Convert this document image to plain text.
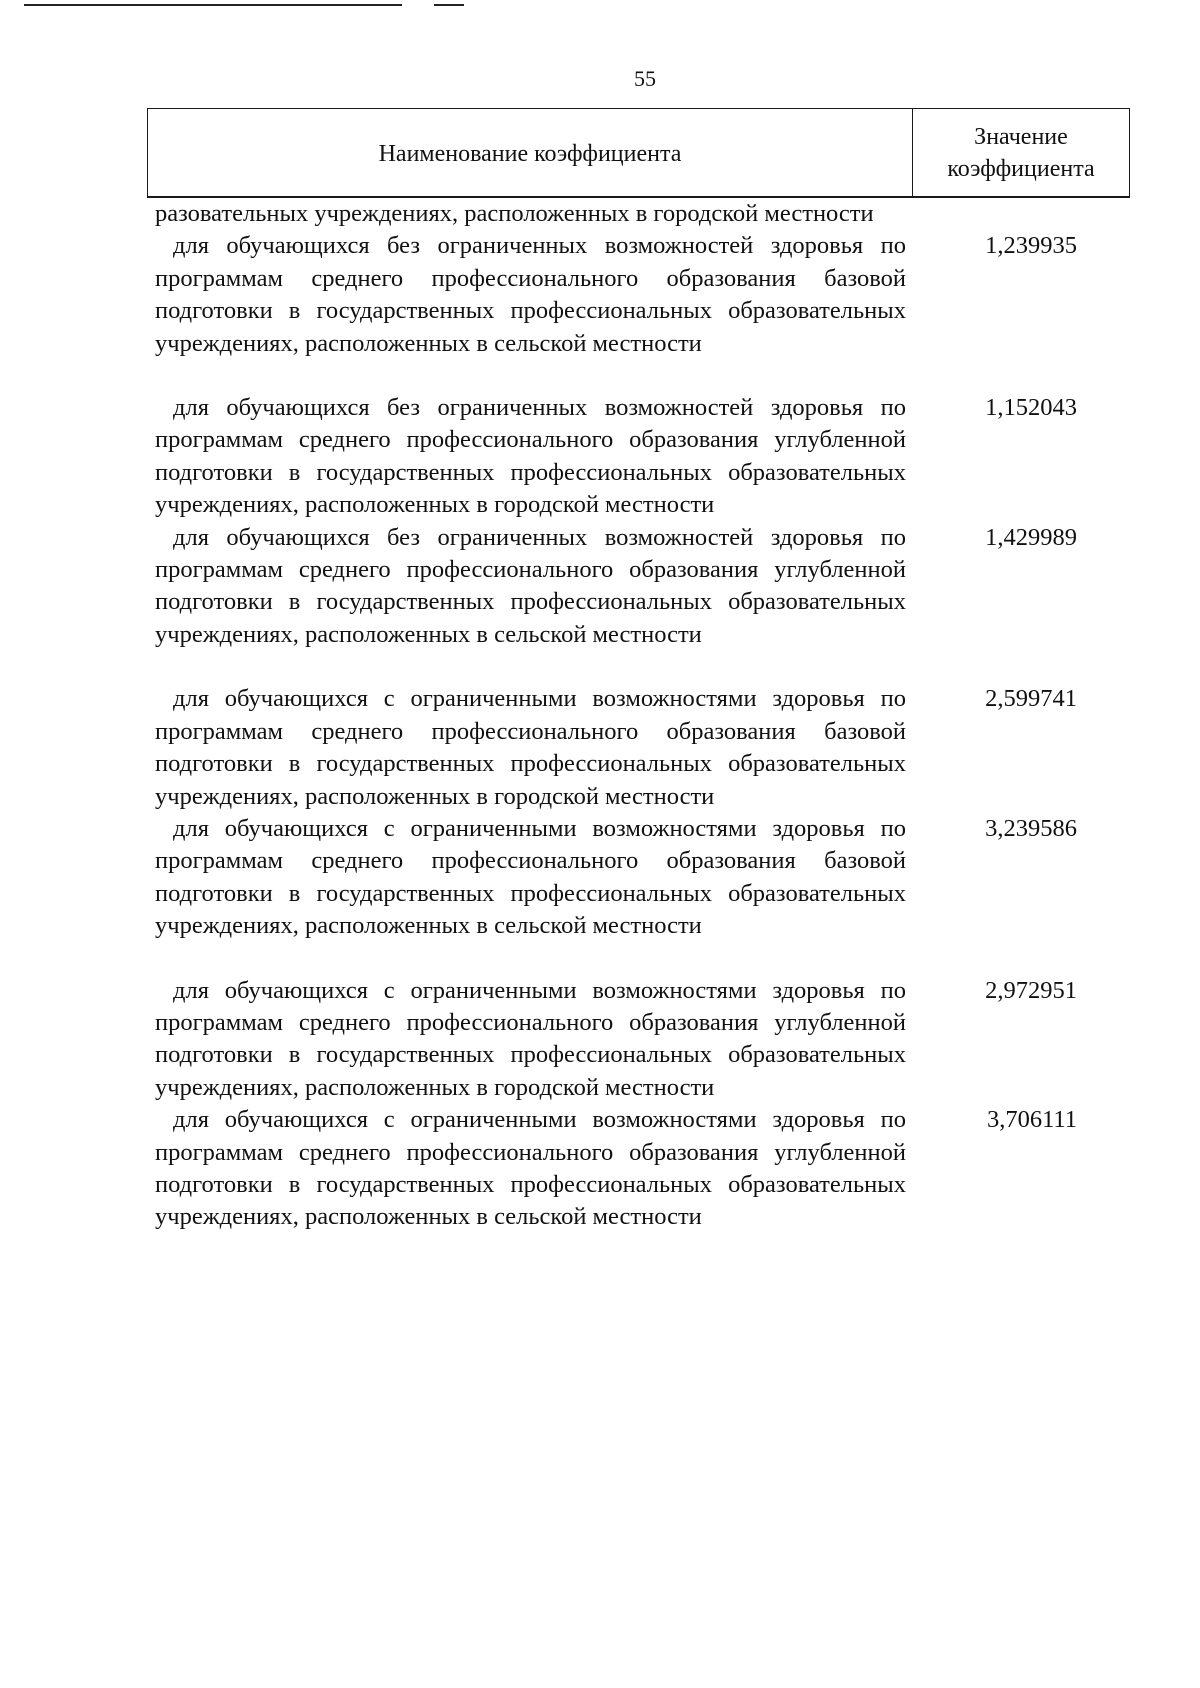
55
Наименование коэффициента
Значение
коэффициента
разовательных учреждениях, расположенных в городской местности
для обучающихся без ограниченных возможностей здоровья по программам среднего профессионального образования базовой подготовки в государственных профессиональных образовательных учреждениях, расположенных в сельской местности
1,239935
для обучающихся без ограниченных возможностей здоровья по программам среднего профессионального образования углубленной подготовки в государственных профессиональных образовательных учреждениях, расположенных в городской местности
1,152043
для обучающихся без ограниченных возможностей здоровья по программам среднего профессионального образования углубленной подготовки в государственных профессиональных образовательных учреждениях, расположенных в сельской местности
1,429989
для обучающихся с ограниченными возможностями здоровья по программам среднего профессионального образования базовой подготовки в государственных профессиональных образовательных учреждениях, расположенных в городской местности
2,599741
для обучающихся с ограниченными возможностями здоровья по программам среднего профессионального образования базовой подготовки в государственных профессиональных образовательных учреждениях, расположенных в сельской местности
3,239586
для обучающихся с ограниченными возможностями здоровья по программам среднего профессионального образования углубленной подготовки в государственных профессиональных образовательных учреждениях, расположенных в городской местности
2,972951
для обучающихся с ограниченными возможностями здоровья по программам среднего профессионального образования углубленной подготовки в государственных профессиональных образовательных учреждениях, расположенных в сельской местности
3,706111
